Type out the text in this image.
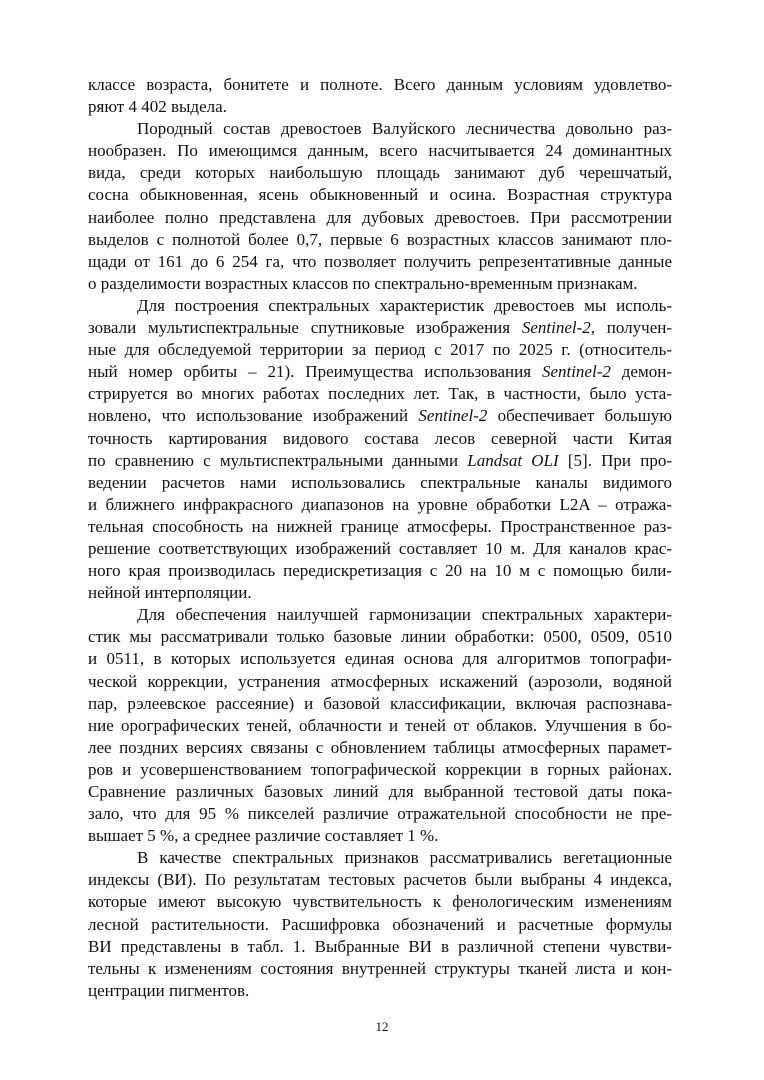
классе возраста, бонитете и полноте. Всего данным условиям удовлетво-
ряют 4 402 выдела.
Породный состав древостоев Валуйского лесничества довольно раз-
нообразен. По имеющимся данным, всего насчитывается 24 доминантных
вида, среди которых наибольшую площадь занимают дуб черешчатый,
сосна обыкновенная, ясень обыкновенный и осина. Возрастная структура
наиболее полно представлена для дубовых древостоев. При рассмотрении
выделов с полнотой более 0,7, первые 6 возрастных классов занимают пло-
щади от 161 до 6 254 га, что позволяет получить репрезентативные данные
о разделимости возрастных классов по спектрально-временным признакам.
Для построения спектральных характеристик древостоев мы исполь-
зовали мультиспектральные спутниковые изображения Sentinel-2, получен-
ные для обследуемой территории за период с 2017 по 2025 г. (относитель-
ный номер орбиты – 21). Преимущества использования Sentinel-2 демон-
стрируется во многих работах последних лет. Так, в частности, было уста-
новлено, что использование изображений Sentinel-2 обеспечивает большую
точность картирования видового состава лесов северной части Китая
по сравнению с мультиспектральными данными Landsat OLI [5]. При про-
ведении расчетов нами использовались спектральные каналы видимого
и ближнего инфракрасного диапазонов на уровне обработки L2A – отража-
тельная способность на нижней границе атмосферы. Пространственное раз-
решение соответствующих изображений составляет 10 м. Для каналов крас-
ного края производилась передискретизация с 20 на 10 м с помощью били-
нейной интерполяции.
Для обеспечения наилучшей гармонизации спектральных характери-
стик мы рассматривали только базовые линии обработки: 0500, 0509, 0510
и 0511, в которых используется единая основа для алгоритмов топографи-
ческой коррекции, устранения атмосферных искажений (аэрозоли, водяной
пар, рэлеевское рассеяние) и базовой классификации, включая распознава-
ние орографических теней, облачности и теней от облаков. Улучшения в бо-
лее поздних версиях связаны с обновлением таблицы атмосферных парамет-
ров и усовершенствованием топографической коррекции в горных районах.
Сравнение различных базовых линий для выбранной тестовой даты пока-
зало, что для 95 % пикселей различие отражательной способности не пре-
вышает 5 %, а среднее различие составляет 1 %.
В качестве спектральных признаков рассматривались вегетационные
индексы (ВИ). По результатам тестовых расчетов были выбраны 4 индекса,
которые имеют высокую чувствительность к фенологическим изменениям
лесной растительности. Расшифровка обозначений и расчетные формулы
ВИ представлены в табл. 1. Выбранные ВИ в различной степени чувстви-
тельны к изменениям состояния внутренней структуры тканей листа и кон-
центрации пигментов.
12
